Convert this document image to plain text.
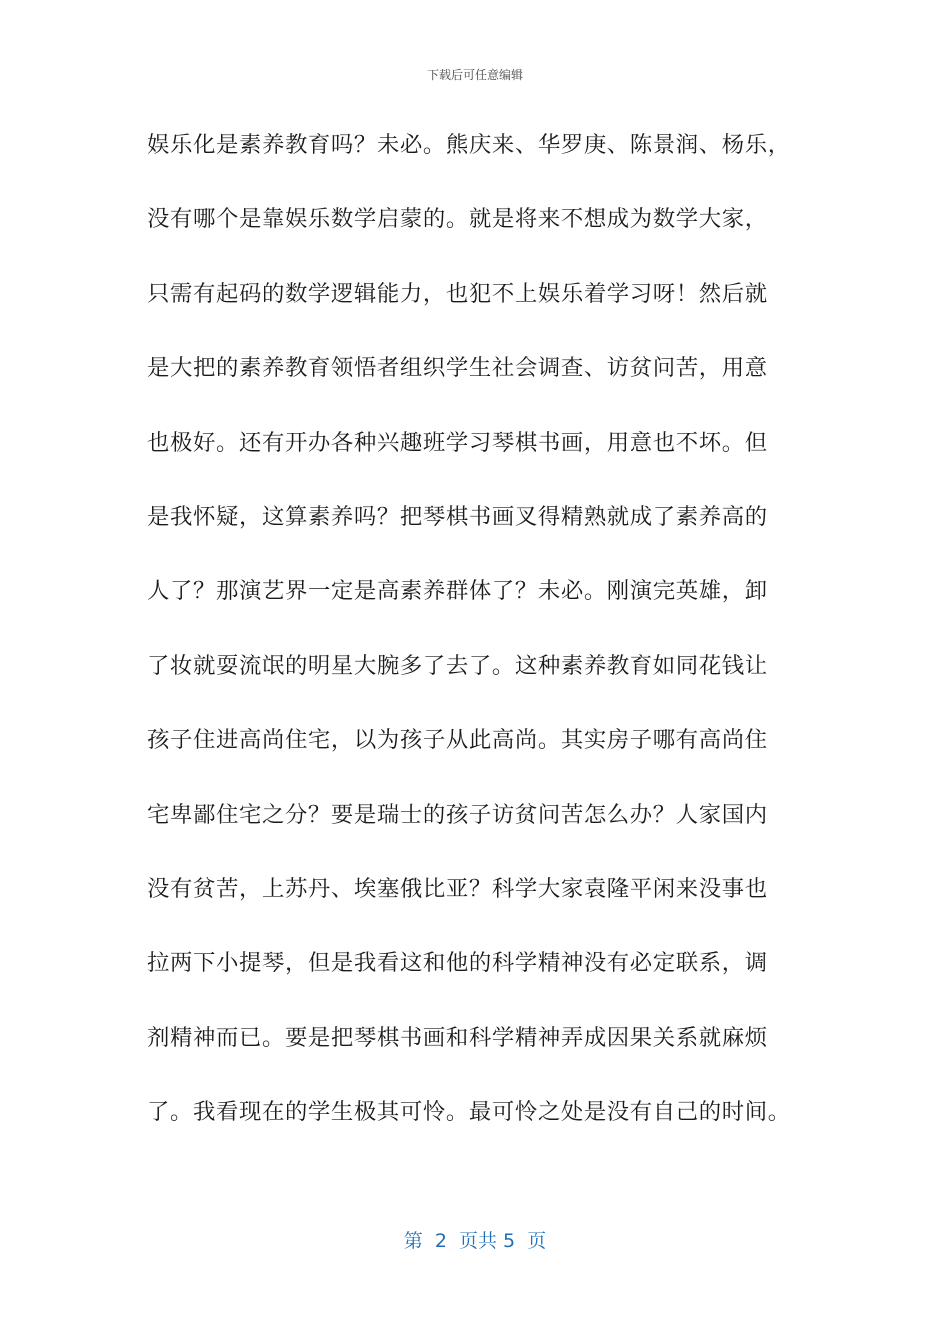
下载后可任意编辑
娱乐化是素养教育吗？未必。熊庆来、华罗庚、陈景润、杨乐，
没有哪个是靠娱乐数学启蒙的。就是将来不想成为数学大家，
只需有起码的数学逻辑能力，也犯不上娱乐着学习呀！然后就
是大把的素养教育领悟者组织学生社会调查、访贫问苦，用意
也极好。还有开办各种兴趣班学习琴棋书画，用意也不坏。但
是我怀疑，这算素养吗？把琴棋书画叉得精熟就成了素养高的
人了？那演艺界一定是高素养群体了？未必。刚演完英雄，卸
了妆就耍流氓的明星大腕多了去了。这种素养教育如同花钱让
孩子住进高尚住宅，以为孩子从此高尚。其实房子哪有高尚住
宅卑鄙住宅之分？要是瑞士的孩子访贫问苦怎么办？人家国内
没有贫苦，上苏丹、埃塞俄比亚？科学大家袁隆平闲来没事也
拉两下小提琴，但是我看这和他的科学精神没有必定联系，调
剂精神而已。要是把琴棋书画和科学精神弄成因果关系就麻烦
了。我看现在的学生极其可怜。最可怜之处是没有自己的时间。
第  2  页共 5  页
